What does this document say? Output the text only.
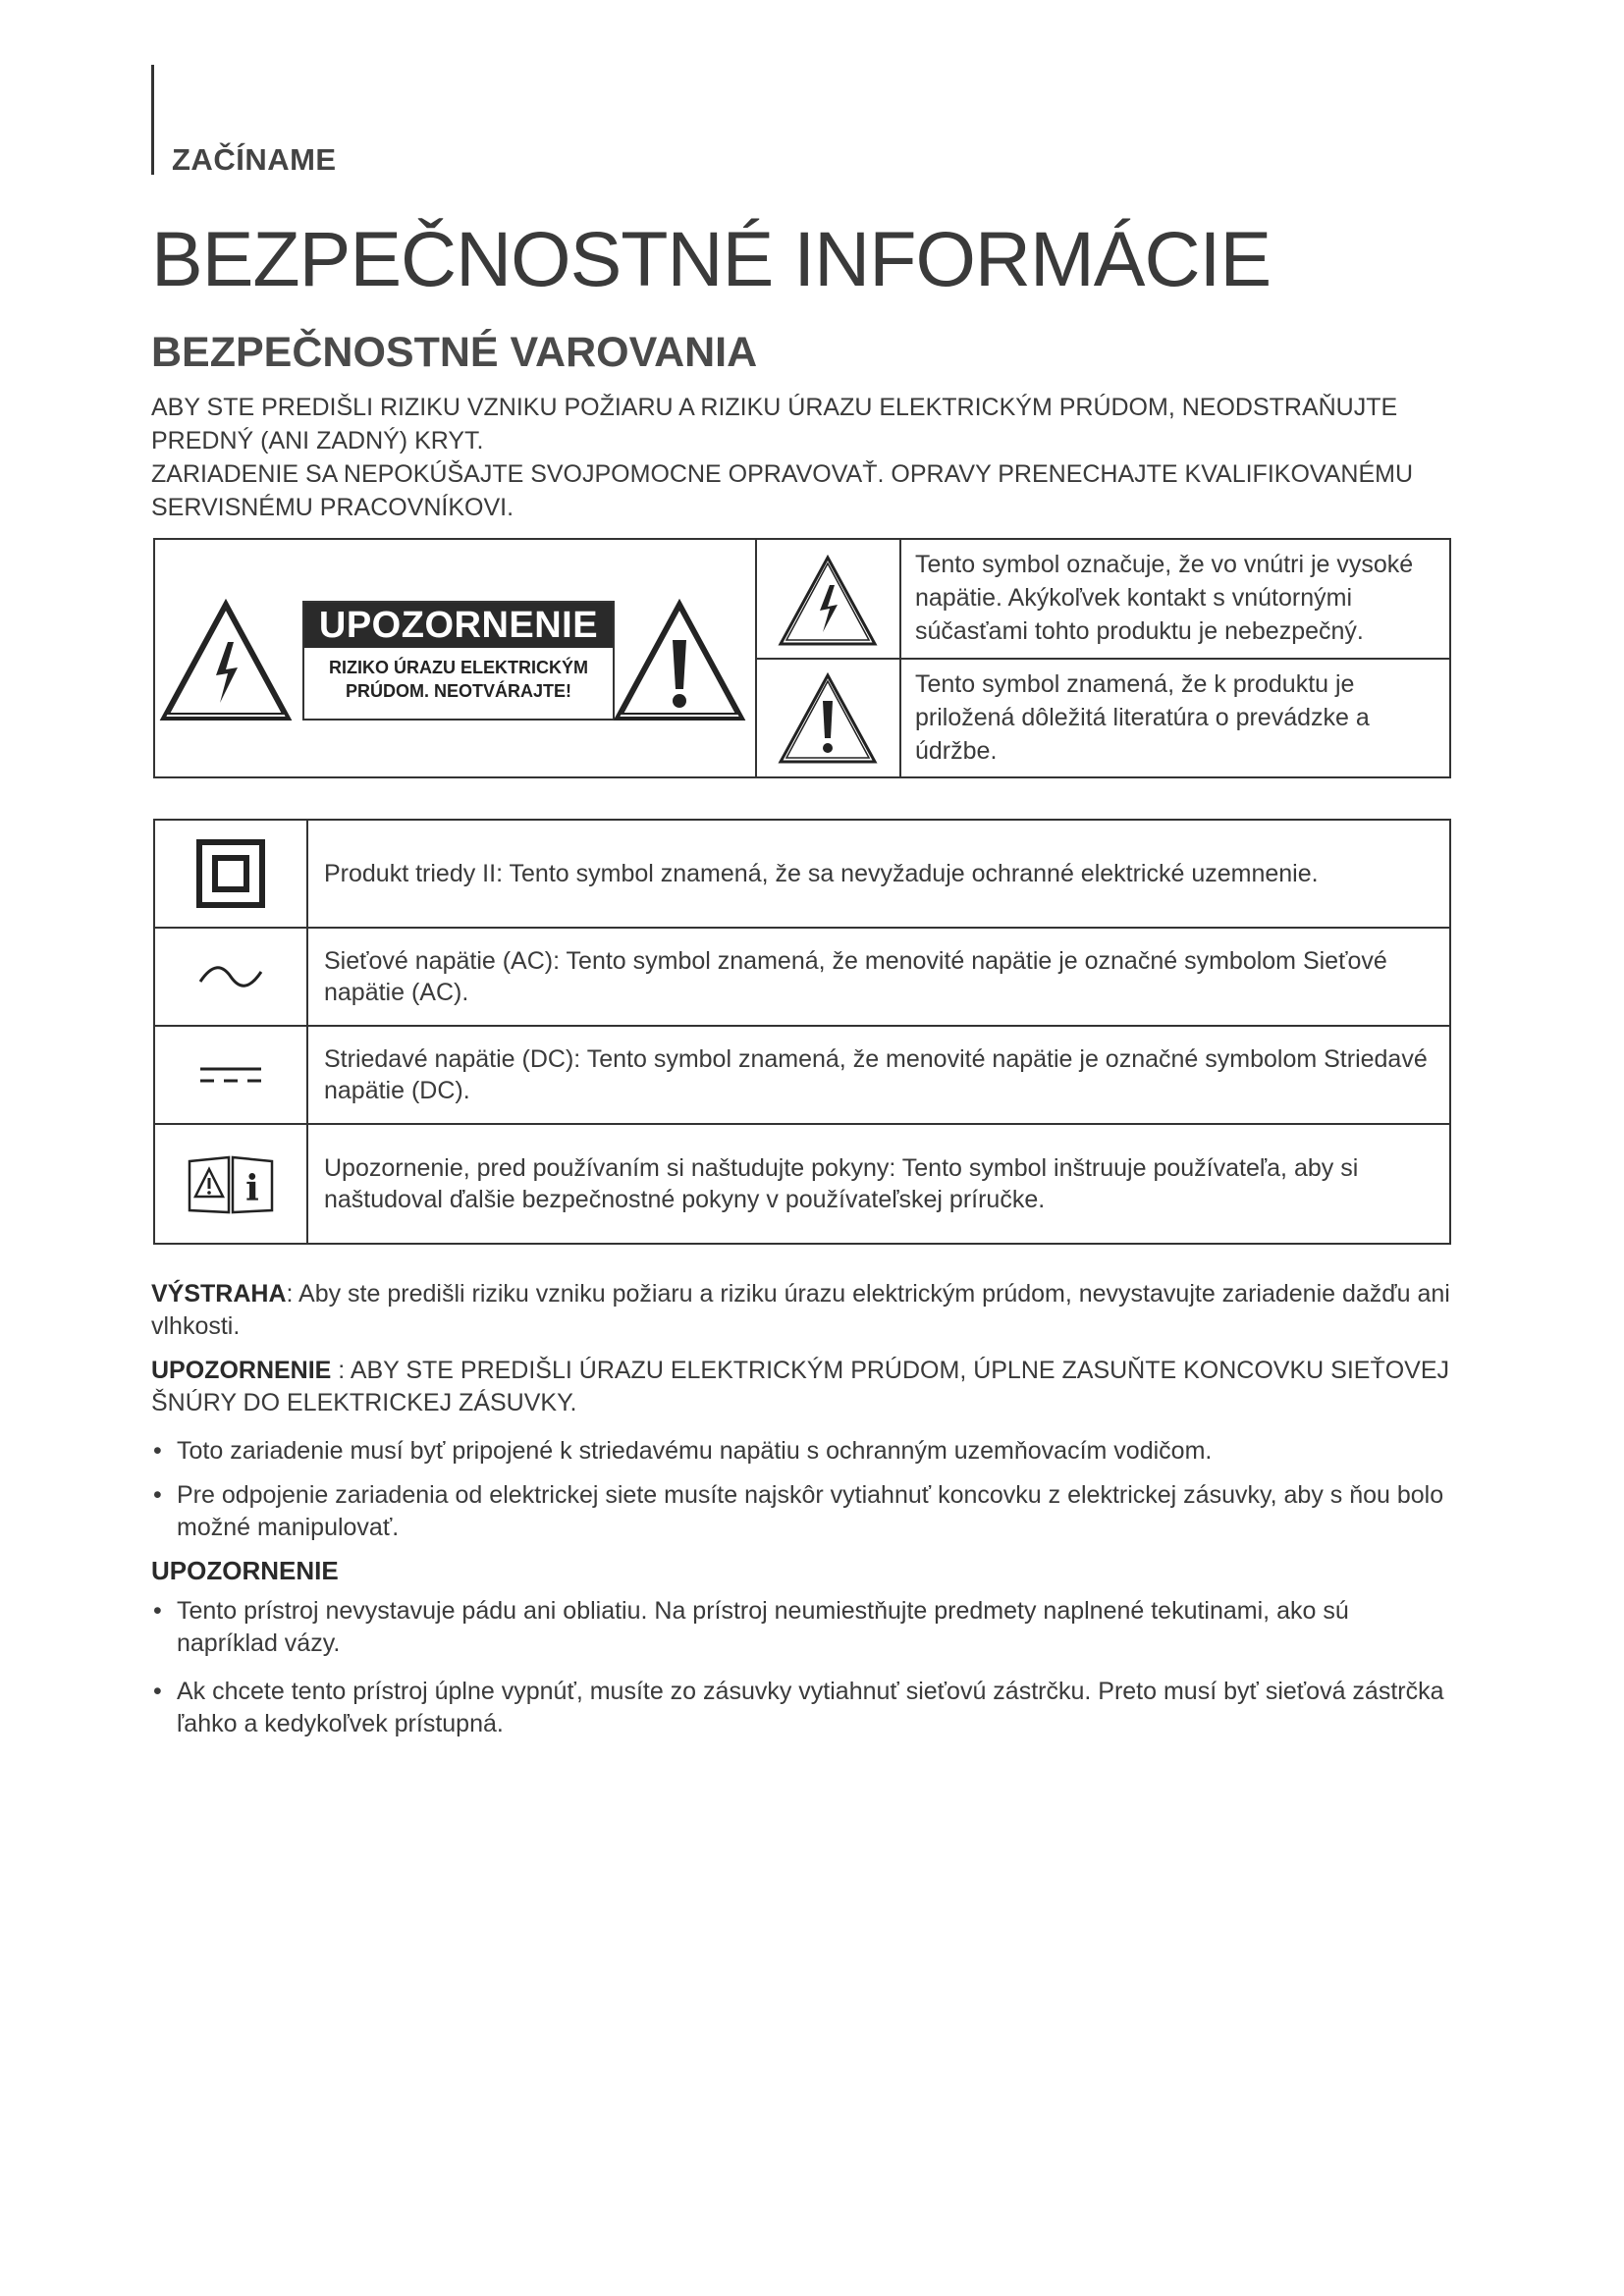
ZAČÍNAME
BEZPEČNOSTNÉ INFORMÁCIE
BEZPEČNOSTNÉ VAROVANIA

ABY STE PREDIŠLI RIZIKU VZNIKU POŽIARU A RIZIKU ÚRAZU ELEKTRICKÝM PRÚDOM, NEODSTRAŇUJTE PREDNÝ (ANI ZADNÝ) KRYT.

ZARIADENIE SA NEPOKÚŠAJTE SVOJPOMOCNE OPRAVOVAŤ. OPRAVY PRENECHAJTE KVALIFIKOVANÉMU SERVISNÉMU PRACOVNÍKOVI.

UPOZORNENIE
RIZIKO ÚRAZU ELEKTRICKÝM
PRÚDOM. NEOTVÁRAJTE!
Tento symbol označuje, že vo vnútri je vysoké napätie. Akýkoľvek kontakt s vnútornými súčasťami tohto produktu je nebezpečný.
Tento symbol znamená, že k produktu je priložená dôležitá literatúra o prevádzke a údržbe.
Produkt triedy II: Tento symbol znamená, že sa nevyžaduje ochranné elektrické uzemnenie.
Sieťové napätie (AC): Tento symbol znamená, že menovité napätie je označné symbolom Sieťové napätie (AC).
Striedavé napätie (DC): Tento symbol znamená, že menovité napätie je označné symbolom Striedavé napätie (DC).
i	Upozornenie, pred používaním si naštudujte pokyny: Tento symbol inštruuje používateľa, aby si naštudoval ďalšie bezpečnostné pokyny v používateľskej príručke.
VÝSTRAHA: Aby ste predišli riziku vzniku požiaru a riziku úrazu elektrickým prúdom, nevystavujte zariadenie dažďu ani vlhkosti.
UPOZORNENIE : ABY STE PREDIŠLI ÚRAZU ELEKTRICKÝM PRÚDOM, ÚPLNE ZASUŇTE KONCOVKU SIEŤOVEJ ŠNÚRY DO ELEKTRICKEJ ZÁSUVKY.
• Toto zariadenie musí byť pripojené k striedavému napätiu s ochranným uzemňovacím vodičom.
• Pre odpojenie zariadenia od elektrickej siete musíte najskôr vytiahnuť koncovku z elektrickej zásuvky, aby s ňou bolo možné manipulovať.
UPOZORNENIE
• Tento prístroj nevystavuje pádu ani obliatiu. Na prístroj neumiestňujte predmety naplnené tekutinami, ako sú napríklad vázy.
• Ak chcete tento prístroj úplne vypnúť, musíte zo zásuvky vytiahnuť sieťovú zástrčku. Preto musí byť sieťová zástrčka ľahko a kedykoľvek prístupná.
